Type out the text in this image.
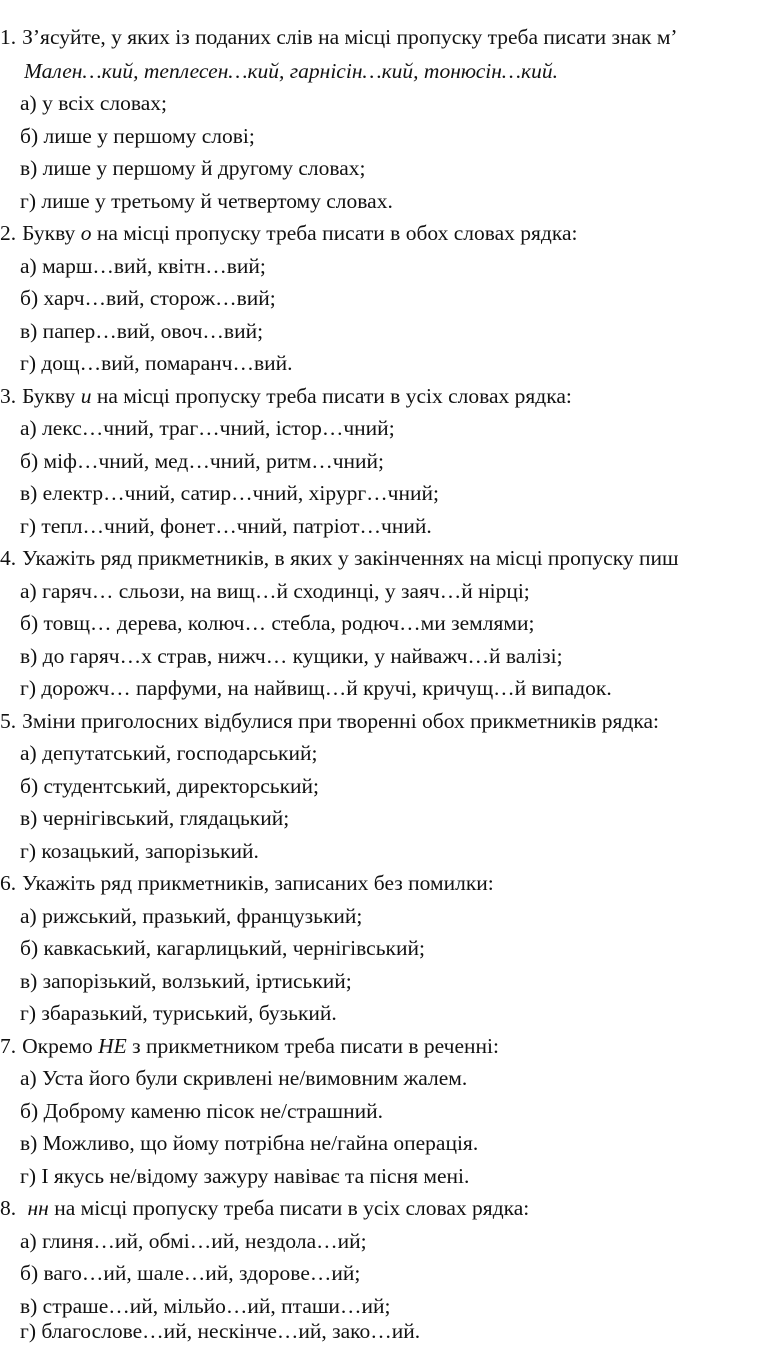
1. З’ясуйте, у яких із поданих слів на місці пропуску треба писати знак м’
Мален…кий, теплесен…кий, гарнісін…кий, тонюсін…кий.
а) у всіх словах;
б) лише у першому слові;
в) лише у першому й другому словах;
г) лише у третьому й четвертому словах.
2. Букву о на місці пропуску треба писати в обох словах рядка:
а) марш…вий, квітн…вий;
б) харч…вий, сторож…вий;
в) папер…вий, овоч…вий;
г) дощ…вий, помаранч…вий.
3. Букву и на місці пропуску треба писати в усіх словах рядка:
а) лекс…чний, траг…чний, істор…чний;
б) міф…чний, мед…чний, ритм…чний;
в) електр…чний, сатир…чний, хірург…чний;
г) тепл…чний, фонет…чний, патріот…чний.
4. Укажіть ряд прикметників, в яких у закінченнях на місці пропуску пиш
а) гаряч… сльози, на вищ…й сходинці, у заяч…й нірці;
б) товщ… дерева, колюч… стебла, родюч…ми землями;
в) до гаряч…х страв, нижч… кущики, у найважч…й валізі;
г) дорожч… парфуми, на найвищ…й кручі, кричущ…й випадок.
5. Зміни приголосних відбулися при творенні обох прикметників рядка:
а) депутатський, господарський;
б) студентський, директорський;
в) чернігівський, глядацький;
г) козацький, запорізький.
6. Укажіть ряд прикметників, записаних без помилки:
а) рижський, празький, французький;
б) кавкаський, кагарлицький, чернігівський;
в) запорізький, волзький, іртиський;
г) збаразький, туриський, бузький.
7. Окремо НЕ з прикметником треба писати в реченні:
а) Уста його були скривлені не/вимовним жалем.
б) Доброму каменю пісок не/страшний.
в) Можливо, що йому потрібна не/гайна операція.
г) І якусь не/відому зажуру навіває та пісня мені.
8. нн на місці пропуску треба писати в усіх словах рядка:
а) глиня…ий, обмі…ий, нездола…ий;
б) ваго…ий, шале…ий, здорове…ий;
в) страше…ий, мільйо…ий, пташи…ий;
г) благослове…ий, нескінче…ий, зако…ий.
